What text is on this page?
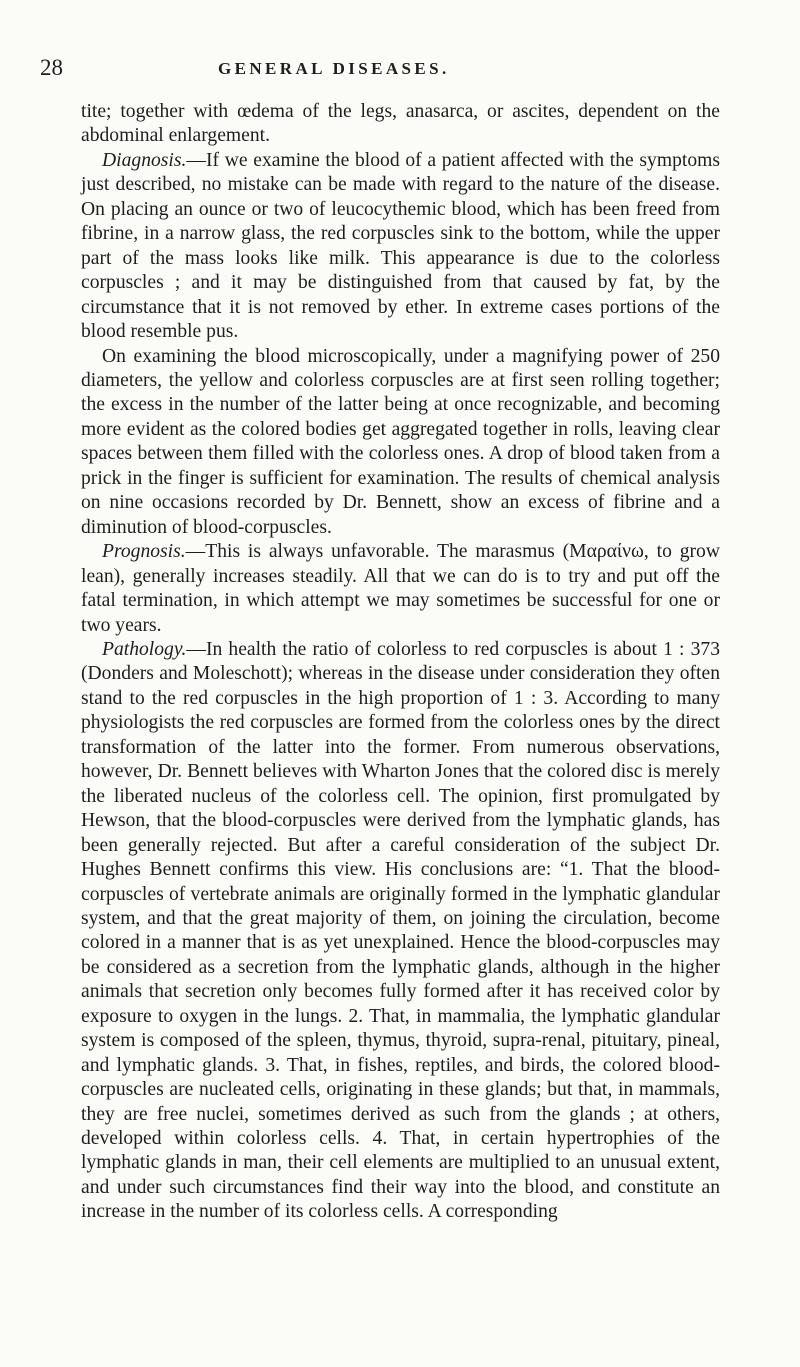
28	GENERAL DISEASES.

tite; together with œdema of the legs, anasarca, or ascites, dependent on the abdominal enlargement.

Diagnosis.—If we examine the blood of a patient affected with the symptoms just described, no mistake can be made with regard to the nature of the disease. On placing an ounce or two of leucocythemic blood, which has been freed from fibrine, in a narrow glass, the red corpuscles sink to the bottom, while the upper part of the mass looks like milk. This appearance is due to the colorless corpuscles ; and it may be distinguished from that caused by fat, by the circumstance that it is not removed by ether. In extreme cases portions of the blood resemble pus.

On examining the blood microscopically, under a magnifying power of 250 diameters, the yellow and colorless corpuscles are at first seen rolling together; the excess in the number of the latter being at once recognizable, and becoming more evident as the colored bodies get aggregated together in rolls, leaving clear spaces between them filled with the colorless ones. A drop of blood taken from a prick in the finger is sufficient for examination. The results of chemical analysis on nine occasions recorded by Dr. Bennett, show an excess of fibrine and a diminution of blood-corpuscles.

Prognosis.—This is always unfavorable. The marasmus (Μαραίνω, to grow lean), generally increases steadily. All that we can do is to try and put off the fatal termination, in which attempt we may sometimes be successful for one or two years.

Pathology.—In health the ratio of colorless to red corpuscles is about 1 : 373 (Donders and Moleschott); whereas in the disease under consideration they often stand to the red corpuscles in the high proportion of 1 : 3. According to many physiologists the red corpuscles are formed from the colorless ones by the direct transformation of the latter into the former. From numerous observations, however, Dr. Bennett believes with Wharton Jones that the colored disc is merely the liberated nucleus of the colorless cell. The opinion, first promulgated by Hewson, that the blood-corpuscles were derived from the lymphatic glands, has been generally rejected. But after a careful consideration of the subject Dr. Hughes Bennett confirms this view. His conclusions are: “1. That the blood-corpuscles of vertebrate animals are originally formed in the lymphatic glandular system, and that the great majority of them, on joining the circulation, become colored in a manner that is as yet unexplained. Hence the blood-corpuscles may be considered as a secretion from the lymphatic glands, although in the higher animals that secretion only becomes fully formed after it has received color by exposure to oxygen in the lungs. 2. That, in mammalia, the lymphatic glandular system is composed of the spleen, thymus, thyroid, supra-renal, pituitary, pineal, and lymphatic glands. 3. That, in fishes, reptiles, and birds, the colored blood-corpuscles are nucleated cells, originating in these glands; but that, in mammals, they are free nuclei, sometimes derived as such from the glands ; at others, developed within colorless cells. 4. That, in certain hypertrophies of the lymphatic glands in man, their cell elements are multiplied to an unusual extent, and under such circumstances find their way into the blood, and constitute an increase in the number of its colorless cells. A corresponding
